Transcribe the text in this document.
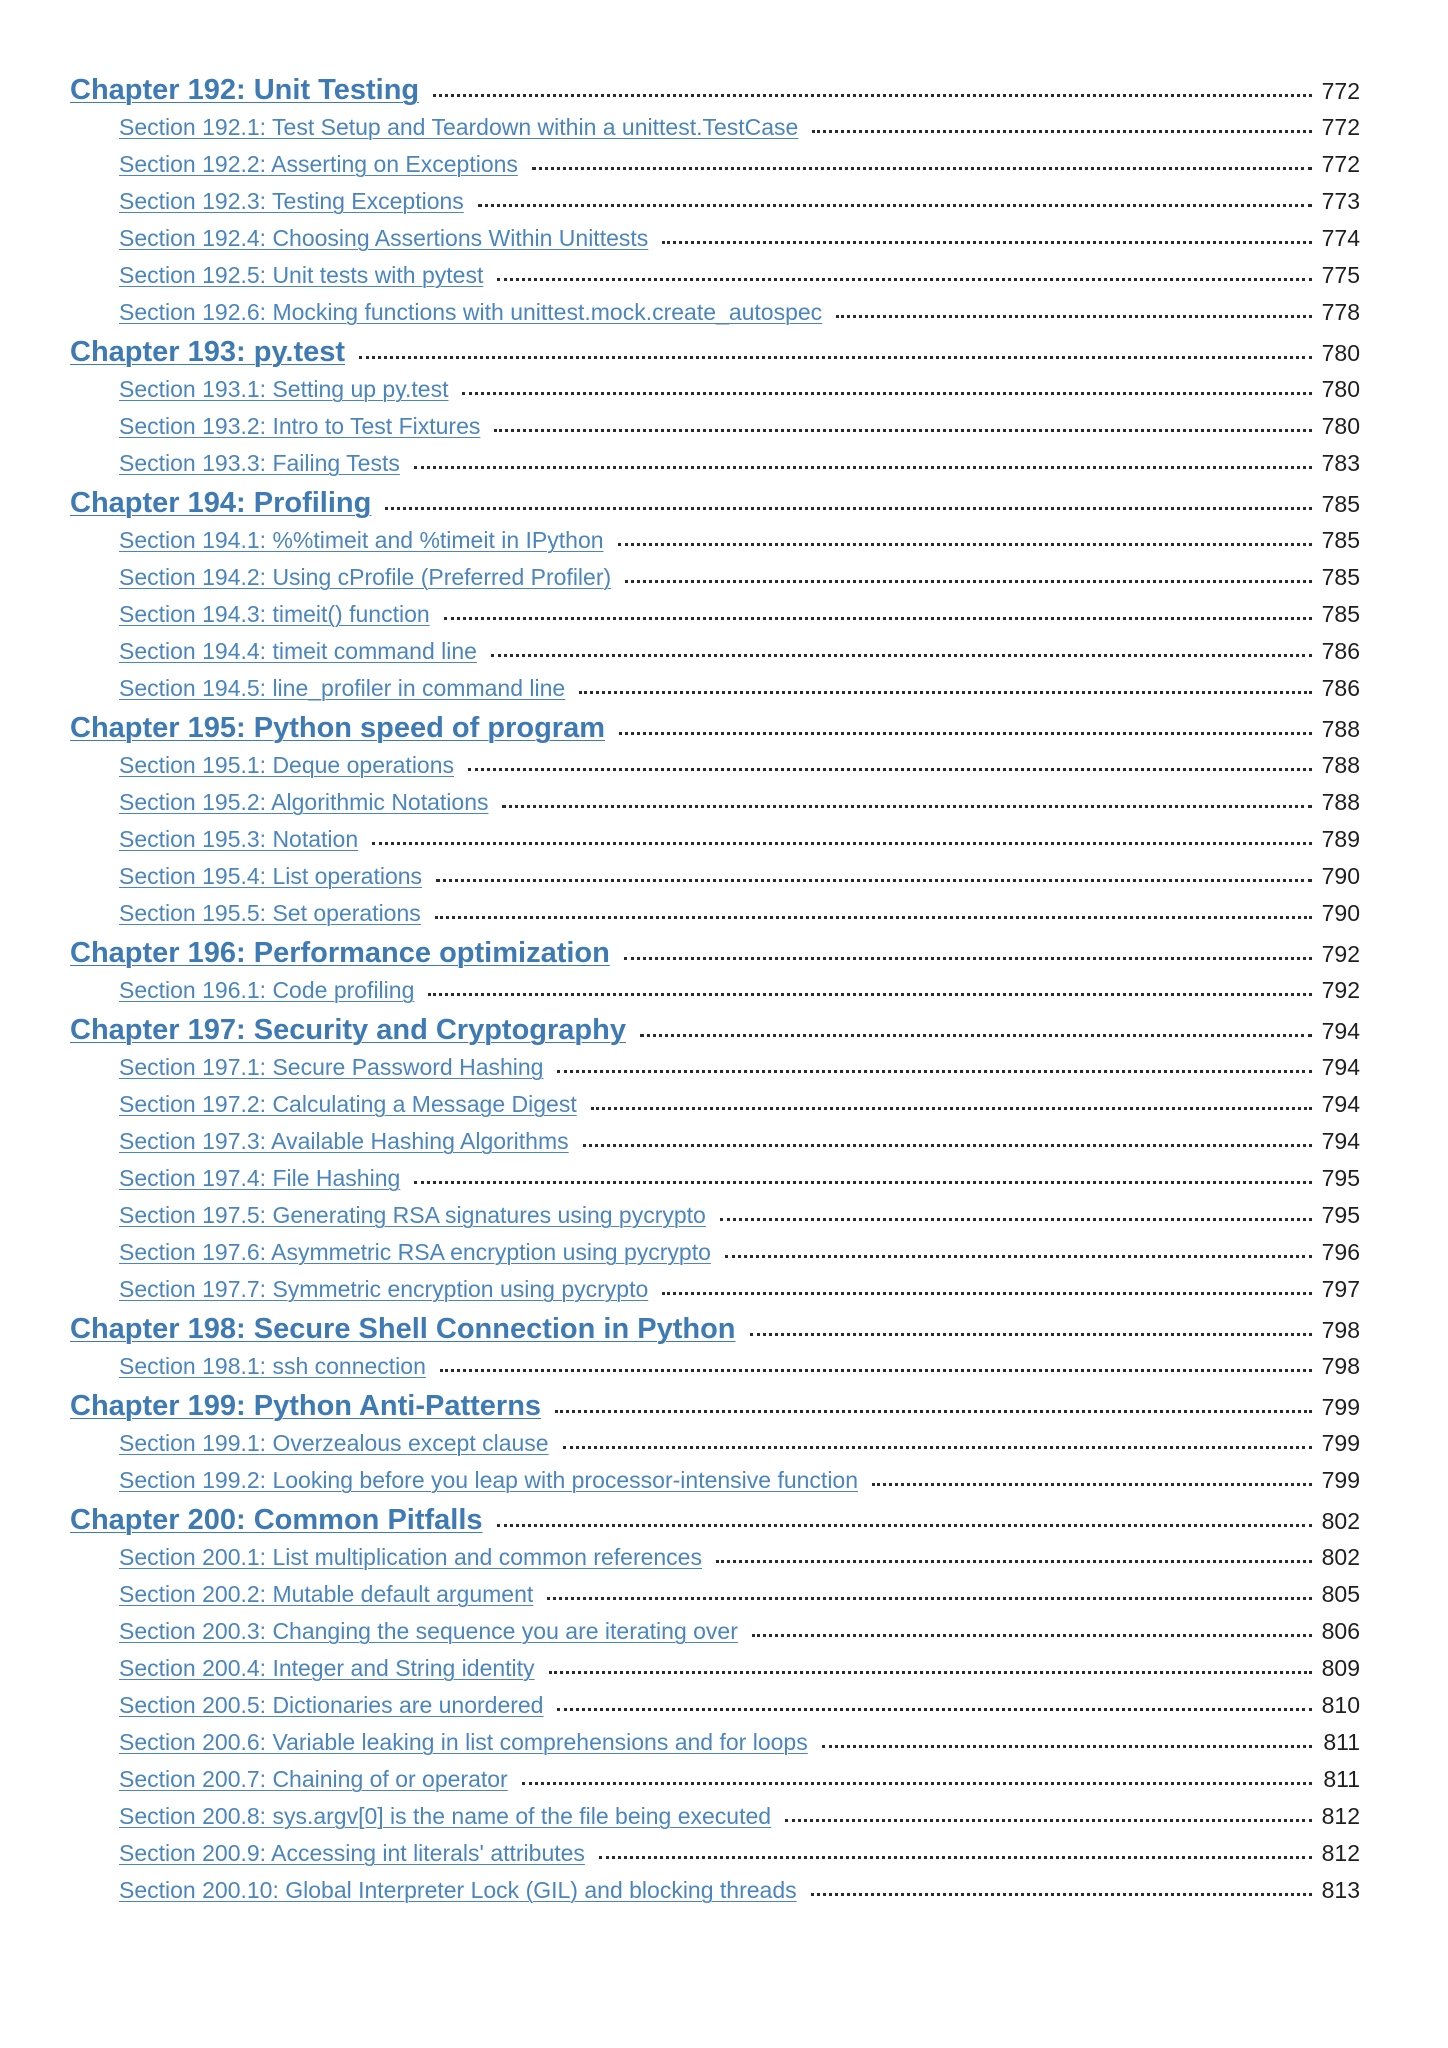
Chapter 192: Unit Testing	772
Section 192.1: Test Setup and Teardown within a unittest.TestCase	772
Section 192.2: Asserting on Exceptions	772
Section 192.3: Testing Exceptions	773
Section 192.4: Choosing Assertions Within Unittests	774
Section 192.5: Unit tests with pytest	775
Section 192.6: Mocking functions with unittest.mock.create_autospec	778
Chapter 193: py.test	780
Section 193.1: Setting up py.test	780
Section 193.2: Intro to Test Fixtures	780
Section 193.3: Failing Tests	783
Chapter 194: Profiling	785
Section 194.1: %%timeit and %timeit in IPython	785
Section 194.2: Using cProfile (Preferred Profiler)	785
Section 194.3: timeit() function	785
Section 194.4: timeit command line	786
Section 194.5: line_profiler in command line	786
Chapter 195: Python speed of program	788
Section 195.1: Deque operations	788
Section 195.2: Algorithmic Notations	788
Section 195.3: Notation	789
Section 195.4: List operations	790
Section 195.5: Set operations	790
Chapter 196: Performance optimization	792
Section 196.1: Code profiling	792
Chapter 197: Security and Cryptography	794
Section 197.1: Secure Password Hashing	794
Section 197.2: Calculating a Message Digest	794
Section 197.3: Available Hashing Algorithms	794
Section 197.4: File Hashing	795
Section 197.5: Generating RSA signatures using pycrypto	795
Section 197.6: Asymmetric RSA encryption using pycrypto	796
Section 197.7: Symmetric encryption using pycrypto	797
Chapter 198: Secure Shell Connection in Python	798
Section 198.1: ssh connection	798
Chapter 199: Python Anti-Patterns	799
Section 199.1: Overzealous except clause	799
Section 199.2: Looking before you leap with processor-intensive function	799
Chapter 200: Common Pitfalls	802
Section 200.1: List multiplication and common references	802
Section 200.2: Mutable default argument	805
Section 200.3: Changing the sequence you are iterating over	806
Section 200.4: Integer and String identity	809
Section 200.5: Dictionaries are unordered	810
Section 200.6: Variable leaking in list comprehensions and for loops	811
Section 200.7: Chaining of or operator	811
Section 200.8: sys.argv[0] is the name of the file being executed	812
Section 200.9: Accessing int literals' attributes	812
Section 200.10: Global Interpreter Lock (GIL) and blocking threads	813
